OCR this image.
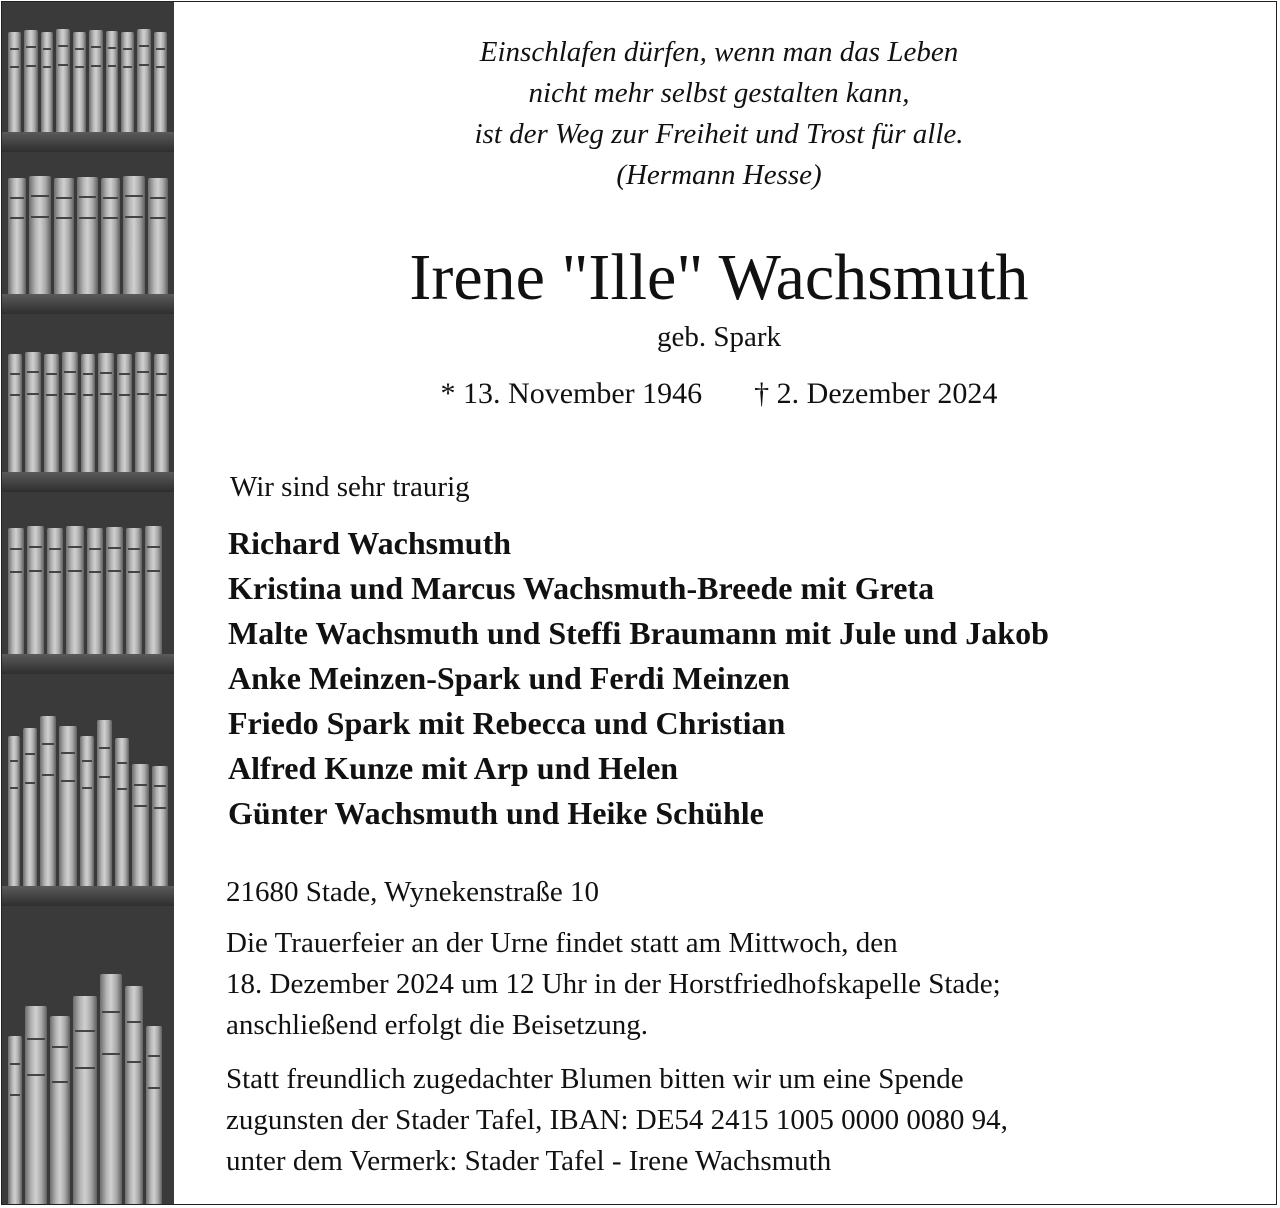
Einschlafen dürfen, wenn man das Leben
nicht mehr selbst gestalten kann,
ist der Weg zur Freiheit und Trost für alle.
(Hermann Hesse)
Irene "Ille" Wachsmuth
geb. Spark
* 13. November 1946 † 2. Dezember 2024
Wir sind sehr traurig
Richard Wachsmuth
Kristina und Marcus Wachsmuth-Breede mit Greta
Malte Wachsmuth und Steffi Braumann mit Jule und Jakob
Anke Meinzen-Spark und Ferdi Meinzen
Friedo Spark mit Rebecca und Christian
Alfred Kunze mit Arp und Helen
Günter Wachsmuth und Heike Schühle
21680 Stade, Wynekenstraße 10
Die Trauerfeier an der Urne findet statt am Mittwoch, den
18. Dezember 2024 um 12 Uhr in der Horstfriedhofskapelle Stade;
anschließend erfolgt die Beisetzung.
Statt freundlich zugedachter Blumen bitten wir um eine Spende
zugunsten der Stader Tafel, IBAN: DE54 2415 1005 0000 0080 94,
unter dem Vermerk: Stader Tafel - Irene Wachsmuth
